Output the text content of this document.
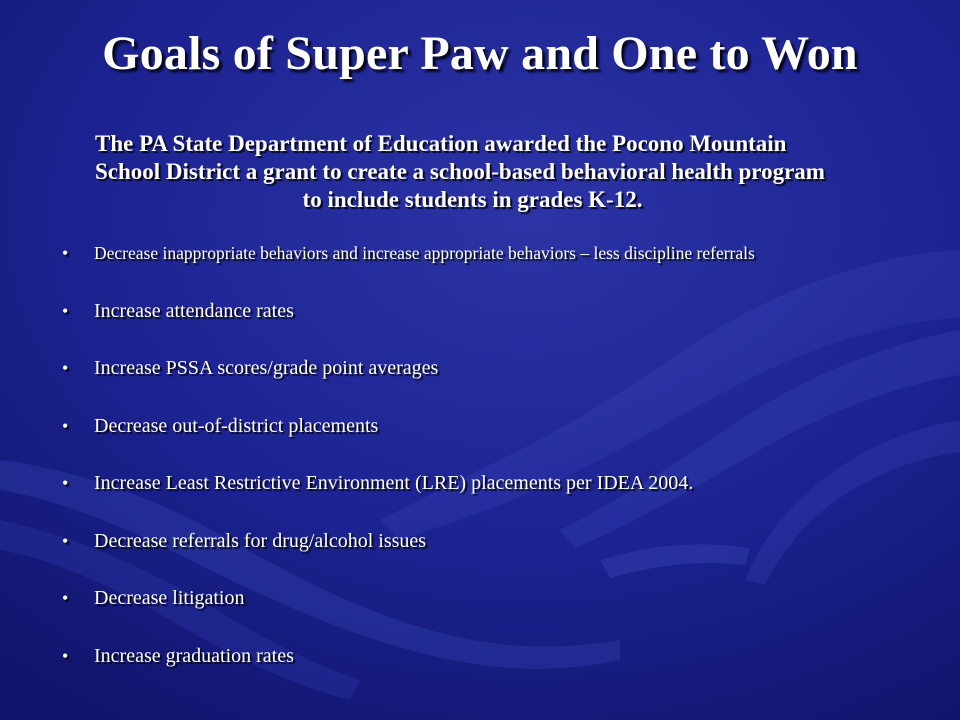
Goals of Super Paw and One to Won
The PA State Department of Education awarded the Pocono Mountain
School District a grant to create a school-based behavioral health program
to include students in grades K-12.
•	Decrease inappropriate behaviors and increase appropriate behaviors – less discipline referrals
•	Increase attendance rates
•	Increase PSSA scores/grade point averages
•	Decrease out-of-district placements
•	Increase Least Restrictive Environment (LRE) placements per IDEA 2004.
•	Decrease referrals for drug/alcohol issues
•	Decrease litigation
•	Increase graduation rates
